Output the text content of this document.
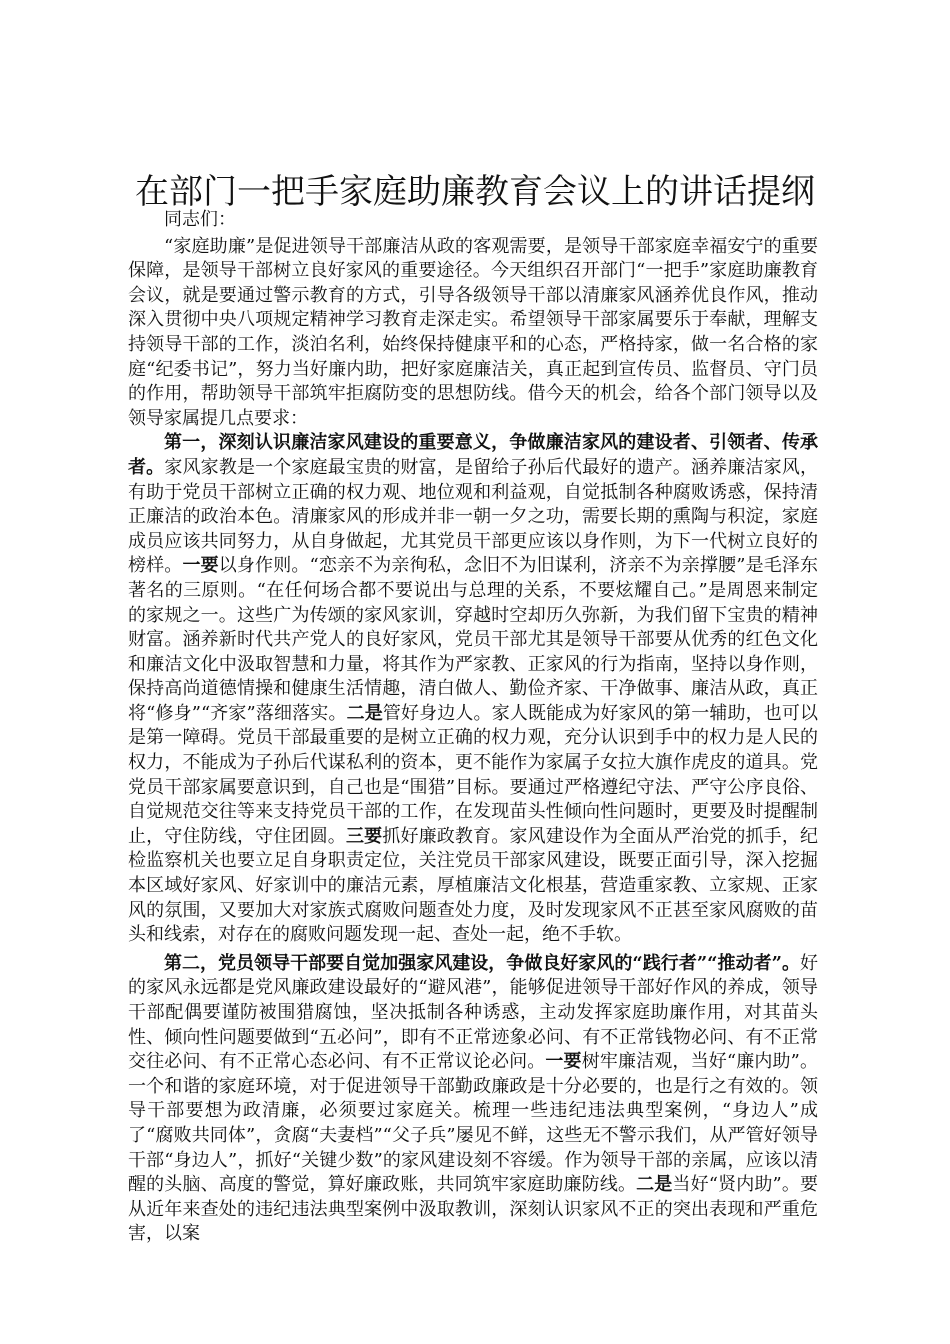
在部门一把手家庭助廉教育会议上的讲话提纲

同志们：

“家庭助廉”是促进领导干部廉洁从政的客观需要，是领导干部家庭幸福安宁的重要保障，是领导干部树立良好家风的重要途径。今天组织召开部门“一把手”家庭助廉教育会议，就是要通过警示教育的方式，引导各级领导干部以清廉家风涵养优良作风，推动深入贯彻中央八项规定精神学习教育走深走实。希望领导干部家属要乐于奉献，理解支持领导干部的工作，淡泊名利，始终保持健康平和的心态，严格持家，做一名合格的家庭“纪委书记”，努力当好廉内助，把好家庭廉洁关，真正起到宣传员、监督员、守门员的作用，帮助领导干部筑牢拒腐防变的思想防线。借今天的机会，给各个部门领导以及领导家属提几点要求：

第一，深刻认识廉洁家风建设的重要意义，争做廉洁家风的建设者、引领者、传承者。家风家教是一个家庭最宝贵的财富，是留给子孙后代最好的遗产。涵养廉洁家风，有助于党员干部树立正确的权力观、地位观和利益观，自觉抵制各种腐败诱惑，保持清正廉洁的政治本色。清廉家风的形成并非一朝一夕之功，需要长期的熏陶与积淀，家庭成员应该共同努力，从自身做起，尤其党员干部更应该以身作则，为下一代树立良好的榜样。一要以身作则。“恋亲不为亲徇私，念旧不为旧谋利，济亲不为亲撑腰”是毛泽东著名的三原则。“在任何场合都不要说出与总理的关系，不要炫耀自己。”是周恩来制定的家规之一。这些广为传颂的家风家训，穿越时空却历久弥新，为我们留下宝贵的精神财富。涵养新时代共产党人的良好家风，党员干部尤其是领导干部要从优秀的红色文化和廉洁文化中汲取智慧和力量，将其作为严家教、正家风的行为指南，坚持以身作则，保持高尚道德情操和健康生活情趣，清白做人、勤俭齐家、干净做事、廉洁从政，真正将“修身”“齐家”落细落实。二是管好身边人。家人既能成为好家风的第一辅助，也可以是第一障碍。党员干部最重要的是树立正确的权力观，充分认识到手中的权力是人民的权力，不能成为子孙后代谋私利的资本，更不能作为家属子女拉大旗作虎皮的道具。党党员干部家属要意识到，自己也是“围猎”目标。要通过严格遵纪守法、严守公序良俗、自觉规范交往等来支持党员干部的工作，在发现苗头性倾向性问题时，更要及时提醒制止，守住防线，守住团圆。三要抓好廉政教育。家风建设作为全面从严治党的抓手，纪检监察机关也要立足自身职责定位，关注党员干部家风建设，既要正面引导，深入挖掘本区域好家风、好家训中的廉洁元素，厚植廉洁文化根基，营造重家教、立家规、正家风的氛围，又要加大对家族式腐败问题查处力度，及时发现家风不正甚至家风腐败的苗头和线索，对存在的腐败问题发现一起、查处一起，绝不手软。

第二，党员领导干部要自觉加强家风建设，争做良好家风的“践行者”“推动者”。好的家风永远都是党风廉政建设最好的“避风港”，能够促进领导干部好作风的养成，领导干部配偶要谨防被围猎腐蚀，坚决抵制各种诱惑，主动发挥家庭助廉作用，对其苗头性、倾向性问题要做到“五必问”，即有不正常迹象必问、有不正常钱物必问、有不正常交往必问、有不正常心态必问、有不正常议论必问。一要树牢廉洁观，当好“廉内助”。一个和谐的家庭环境，对于促进领导干部勤政廉政是十分必要的，也是行之有效的。领导干部要想为政清廉，必须要过家庭关。梳理一些违纪违法典型案例，“身边人”成了“腐败共同体”，贪腐“夫妻档”“父子兵”屡见不鲜，这些无不警示我们，从严管好领导干部“身边人”，抓好“关键少数”的家风建设刻不容缓。作为领导干部的亲属，应该以清醒的头脑、高度的警觉，算好廉政账，共同筑牢家庭助廉防线。二是当好“贤内助”。要从近年来查处的违纪违法典型案例中汲取教训，深刻认识家风不正的突出表现和严重危害，以案
